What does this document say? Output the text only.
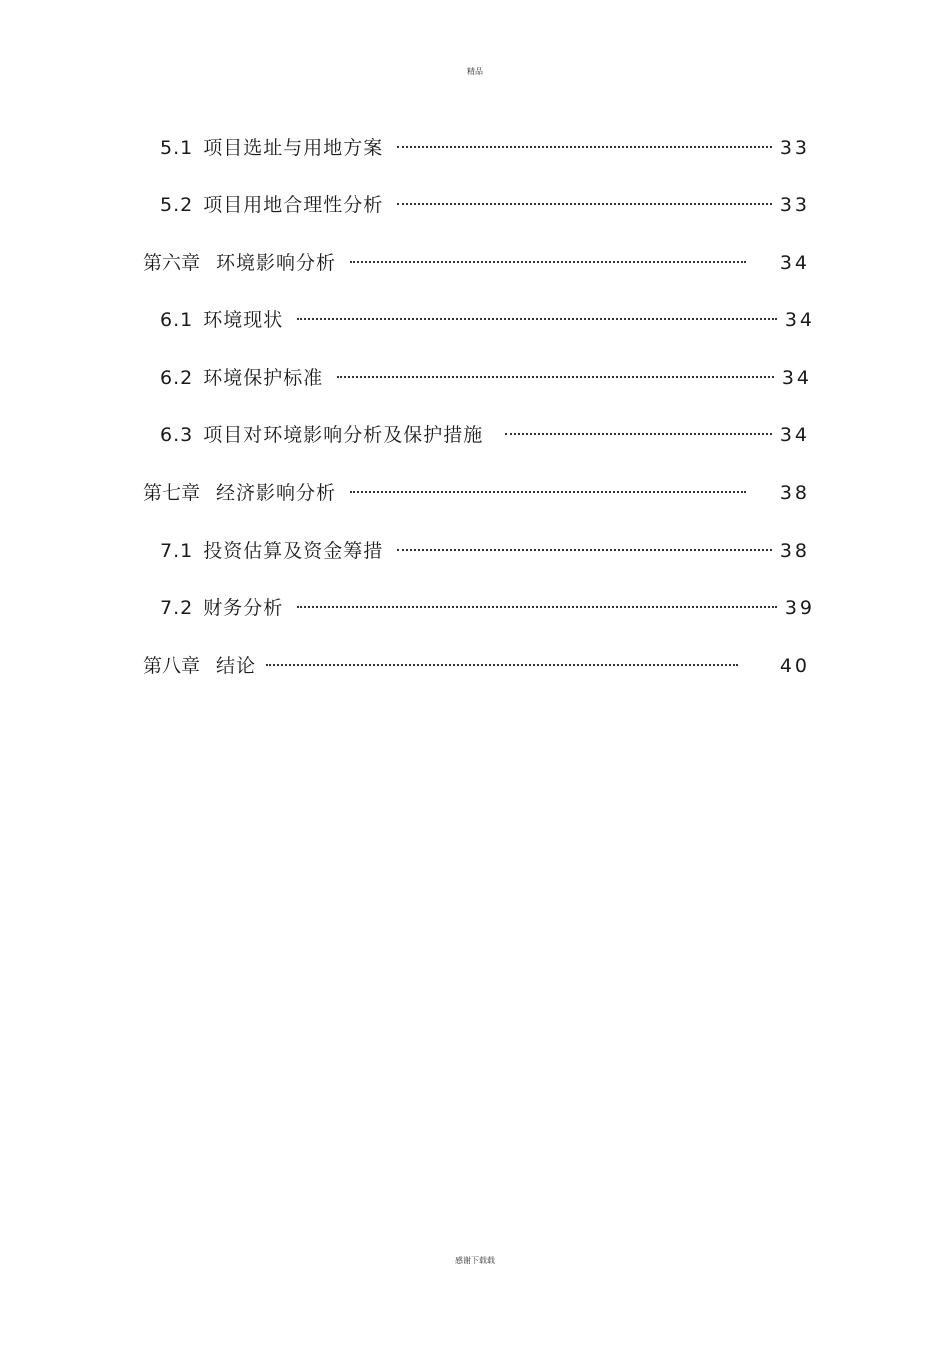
精品
5.1 项目选址与用地方案	33
5.2 项目用地合理性分析	33
第六章 环境影响分析	34
6.1 环境现状	34
6.2 环境保护标准	34
6.3 项目对环境影响分析及保护措施	34
第七章 经济影响分析	38
7.1 投资估算及资金筹措	38
7.2 财务分析	39
第八章 结论	40
感谢下载载
